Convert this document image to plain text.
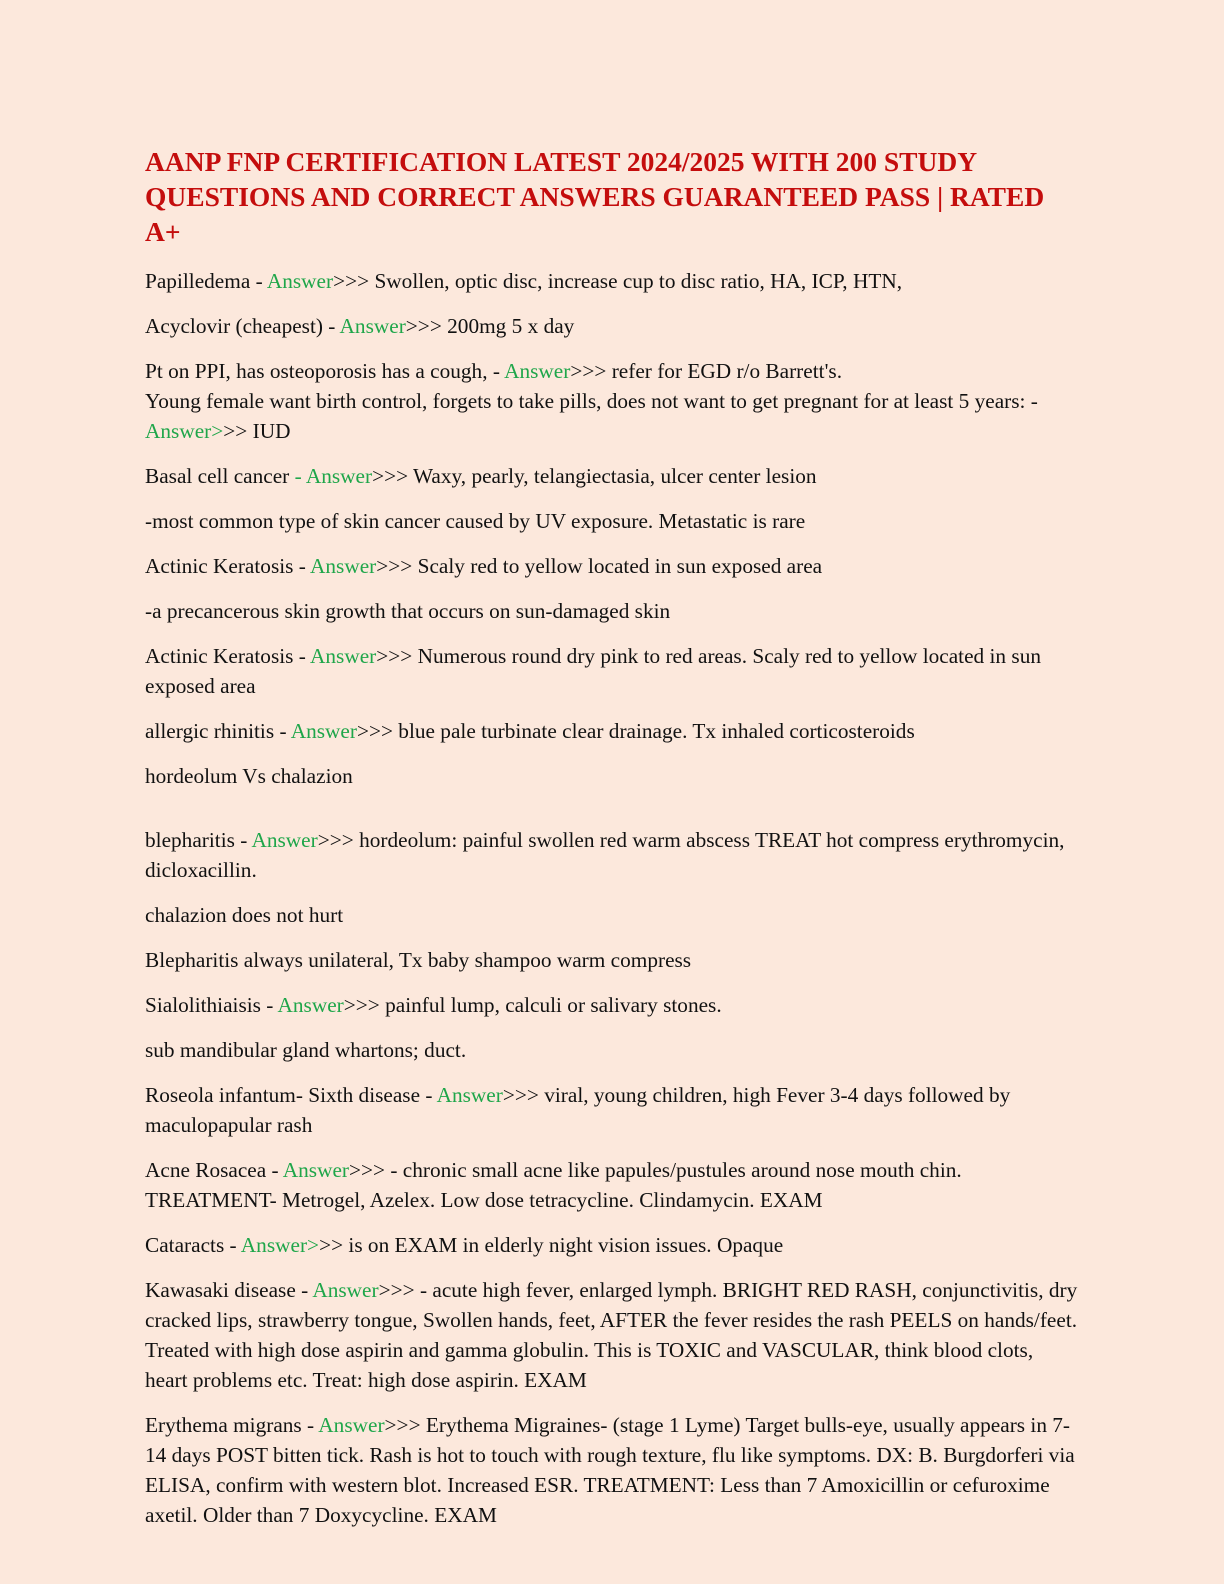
AANP FNP CERTIFICATION LATEST 2024/2025 WITH 200 STUDY QUESTIONS AND CORRECT ANSWERS GUARANTEED PASS | RATED A+

Papilledema - Answer>>> Swollen, optic disc, increase cup to disc ratio, HA, ICP, HTN,

Acyclovir (cheapest) - Answer>>> 200mg 5 x day

Pt on PPI, has osteoporosis has a cough, - Answer>>> refer for EGD r/o Barrett's.

Young female want birth control, forgets to take pills, does not want to get pregnant for at least 5 years: - Answer>>> IUD

Basal cell cancer - Answer>>> Waxy, pearly, telangiectasia, ulcer center lesion

-most common type of skin cancer caused by UV exposure. Metastatic is rare

Actinic Keratosis - Answer>>> Scaly red to yellow located in sun exposed area

-a precancerous skin growth that occurs on sun-damaged skin

Actinic Keratosis - Answer>>> Numerous round dry pink to red areas. Scaly red to yellow located in sun exposed area

allergic rhinitis - Answer>>> blue pale turbinate clear drainage. Tx inhaled corticosteroids

hordeolum Vs chalazion

blepharitis - Answer>>> hordeolum: painful swollen red warm abscess TREAT hot compress erythromycin, dicloxacillin.

chalazion does not hurt

Blepharitis always unilateral, Tx baby shampoo warm compress

Sialolithiaisis - Answer>>> painful lump, calculi or salivary stones.

sub mandibular gland whartons; duct.

Roseola infantum- Sixth disease - Answer>>> viral, young children, high Fever 3-4 days followed by maculopapular rash

Acne Rosacea - Answer>>> - chronic small acne like papules/pustules around nose mouth chin. TREATMENT- Metrogel, Azelex. Low dose tetracycline. Clindamycin. EXAM

Cataracts - Answer>>> is on EXAM in elderly night vision issues. Opaque

Kawasaki disease - Answer>>> - acute high fever, enlarged lymph. BRIGHT RED RASH, conjunctivitis, dry cracked lips, strawberry tongue, Swollen hands, feet, AFTER the fever resides the rash PEELS on hands/feet. Treated with high dose aspirin and gamma globulin. This is TOXIC and VASCULAR, think blood clots, heart problems etc. Treat: high dose aspirin. EXAM

Erythema migrans - Answer>>> Erythema Migraines- (stage 1 Lyme) Target bulls-eye, usually appears in 7-14 days POST bitten tick. Rash is hot to touch with rough texture, flu like symptoms. DX: B. Burgdorferi via ELISA, confirm with western blot. Increased ESR. TREATMENT: Less than 7 Amoxicillin or cefuroxime axetil. Older than 7 Doxycycline. EXAM
